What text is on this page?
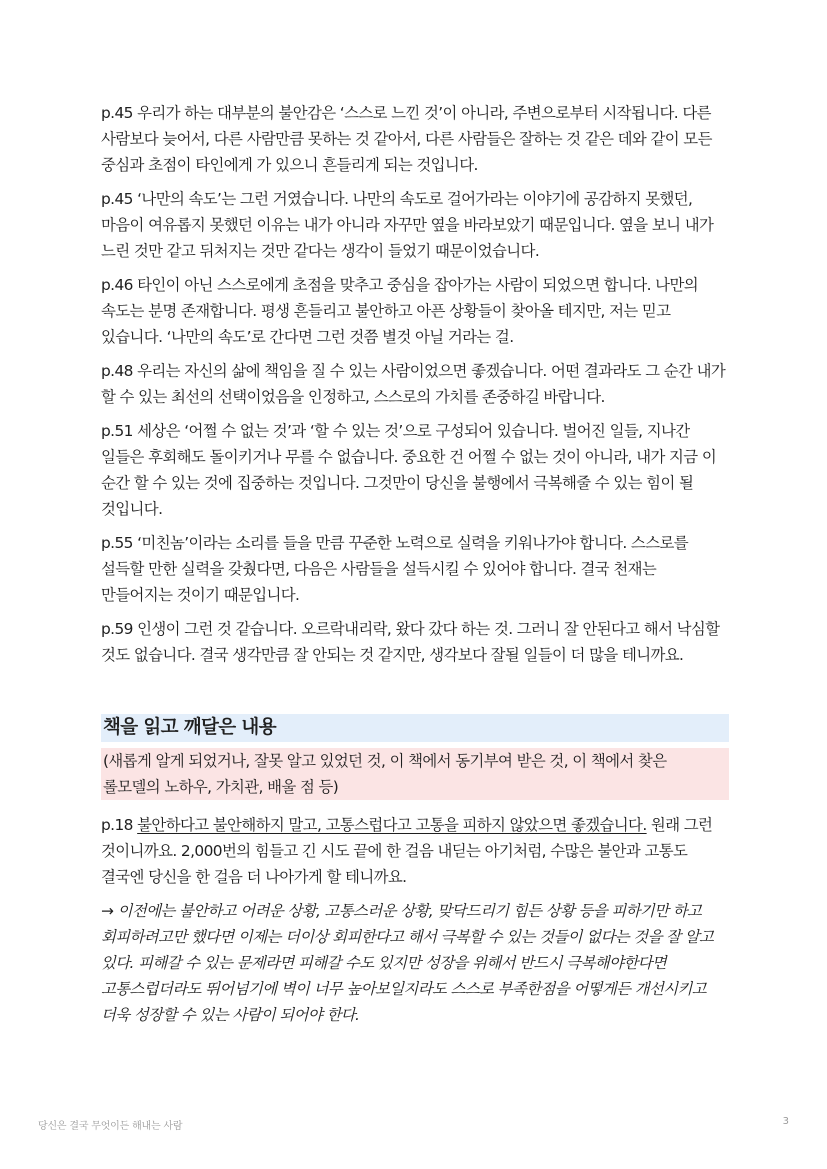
p.45 우리가 하는 대부분의 불안감은 ‘스스로 느낀 것’이 아니라, 주변으로부터 시작됩니다. 다른 사람보다 늦어서, 다른 사람만큼 못하는 것 같아서, 다른 사람들은 잘하는 것 같은 데와 같이 모든 중심과 초점이 타인에게 가 있으니 흔들리게 되는 것입니다.

p.45 ‘나만의 속도’는 그런 거였습니다. 나만의 속도로 걸어가라는 이야기에 공감하지 못했던, 마음이 여유롭지 못했던 이유는 내가 아니라 자꾸만 옆을 바라보았기 때문입니다. 옆을 보니 내가 느린 것만 같고 뒤처지는 것만 같다는 생각이 들었기 때문이었습니다.

p.46 타인이 아닌 스스로에게 초점을 맞추고 중심을 잡아가는 사람이 되었으면 합니다. 나만의 속도는 분명 존재합니다. 평생 흔들리고 불안하고 아픈 상황들이 찾아올 테지만, 저는 믿고 있습니다. ‘나만의 속도’로 간다면 그런 것쯤 별것 아닐 거라는 걸.

p.48 우리는 자신의 삶에 책임을 질 수 있는 사람이었으면 좋겠습니다. 어떤 결과라도 그 순간 내가 할 수 있는 최선의 선택이었음을 인정하고, 스스로의 가치를 존중하길 바랍니다.

p.51 세상은 ‘어쩔 수 없는 것’과 ‘할 수 있는 것’으로 구성되어 있습니다. 벌어진 일들, 지나간 일들은 후회해도 돌이키거나 무를 수 없습니다. 중요한 건 어쩔 수 없는 것이 아니라, 내가 지금 이 순간 할 수 있는 것에 집중하는 것입니다. 그것만이 당신을 불행에서 극복해줄 수 있는 힘이 될 것입니다.

p.55 ‘미친놈’이라는 소리를 들을 만큼 꾸준한 노력으로 실력을 키워나가야 합니다. 스스로를 설득할 만한 실력을 갖췄다면, 다음은 사람들을 설득시킬 수 있어야 합니다. 결국 천재는 만들어지는 것이기 때문입니다.

p.59 인생이 그런 것 같습니다. 오르락내리락, 왔다 갔다 하는 것. 그러니 잘 안된다고 해서 낙심할 것도 없습니다. 결국 생각만큼 잘 안되는 것 같지만, 생각보다 잘될 일들이 더 많을 테니까요.

책을 읽고 깨달은 내용
(새롭게 알게 되었거나, 잘못 알고 있었던 것, 이 책에서 동기부여 받은 것, 이 책에서 찾은 롤모델의 노하우, 가치관, 배울 점 등)

p.18 불안하다고 불안해하지 말고, 고통스럽다고 고통을 피하지 않았으면 좋겠습니다. 원래 그런 것이니까요. 2,000번의 힘들고 긴 시도 끝에 한 걸음 내딛는 아기처럼, 수많은 불안과 고통도 결국엔 당신을 한 걸음 더 나아가게 할 테니까요.

→ 이전에는 불안하고 어려운 상황, 고통스러운 상황, 맞닥드리기 힘든 상황 등을 피하기만 하고 회피하려고만 했다면 이제는 더이상 회피한다고 해서 극복할 수 있는 것들이 없다는 것을 잘 알고 있다. 피해갈 수 있는 문제라면 피해갈 수도 있지만 성장을 위해서 반드시 극복해야한다면 고통스럽더라도 뛰어넘기에 벽이 너무 높아보일지라도 스스로 부족한점을 어떻게든 개선시키고 더욱 성장할 수 있는 사람이 되어야 한다.

당신은 결국 무엇이든 해내는 사람	3
